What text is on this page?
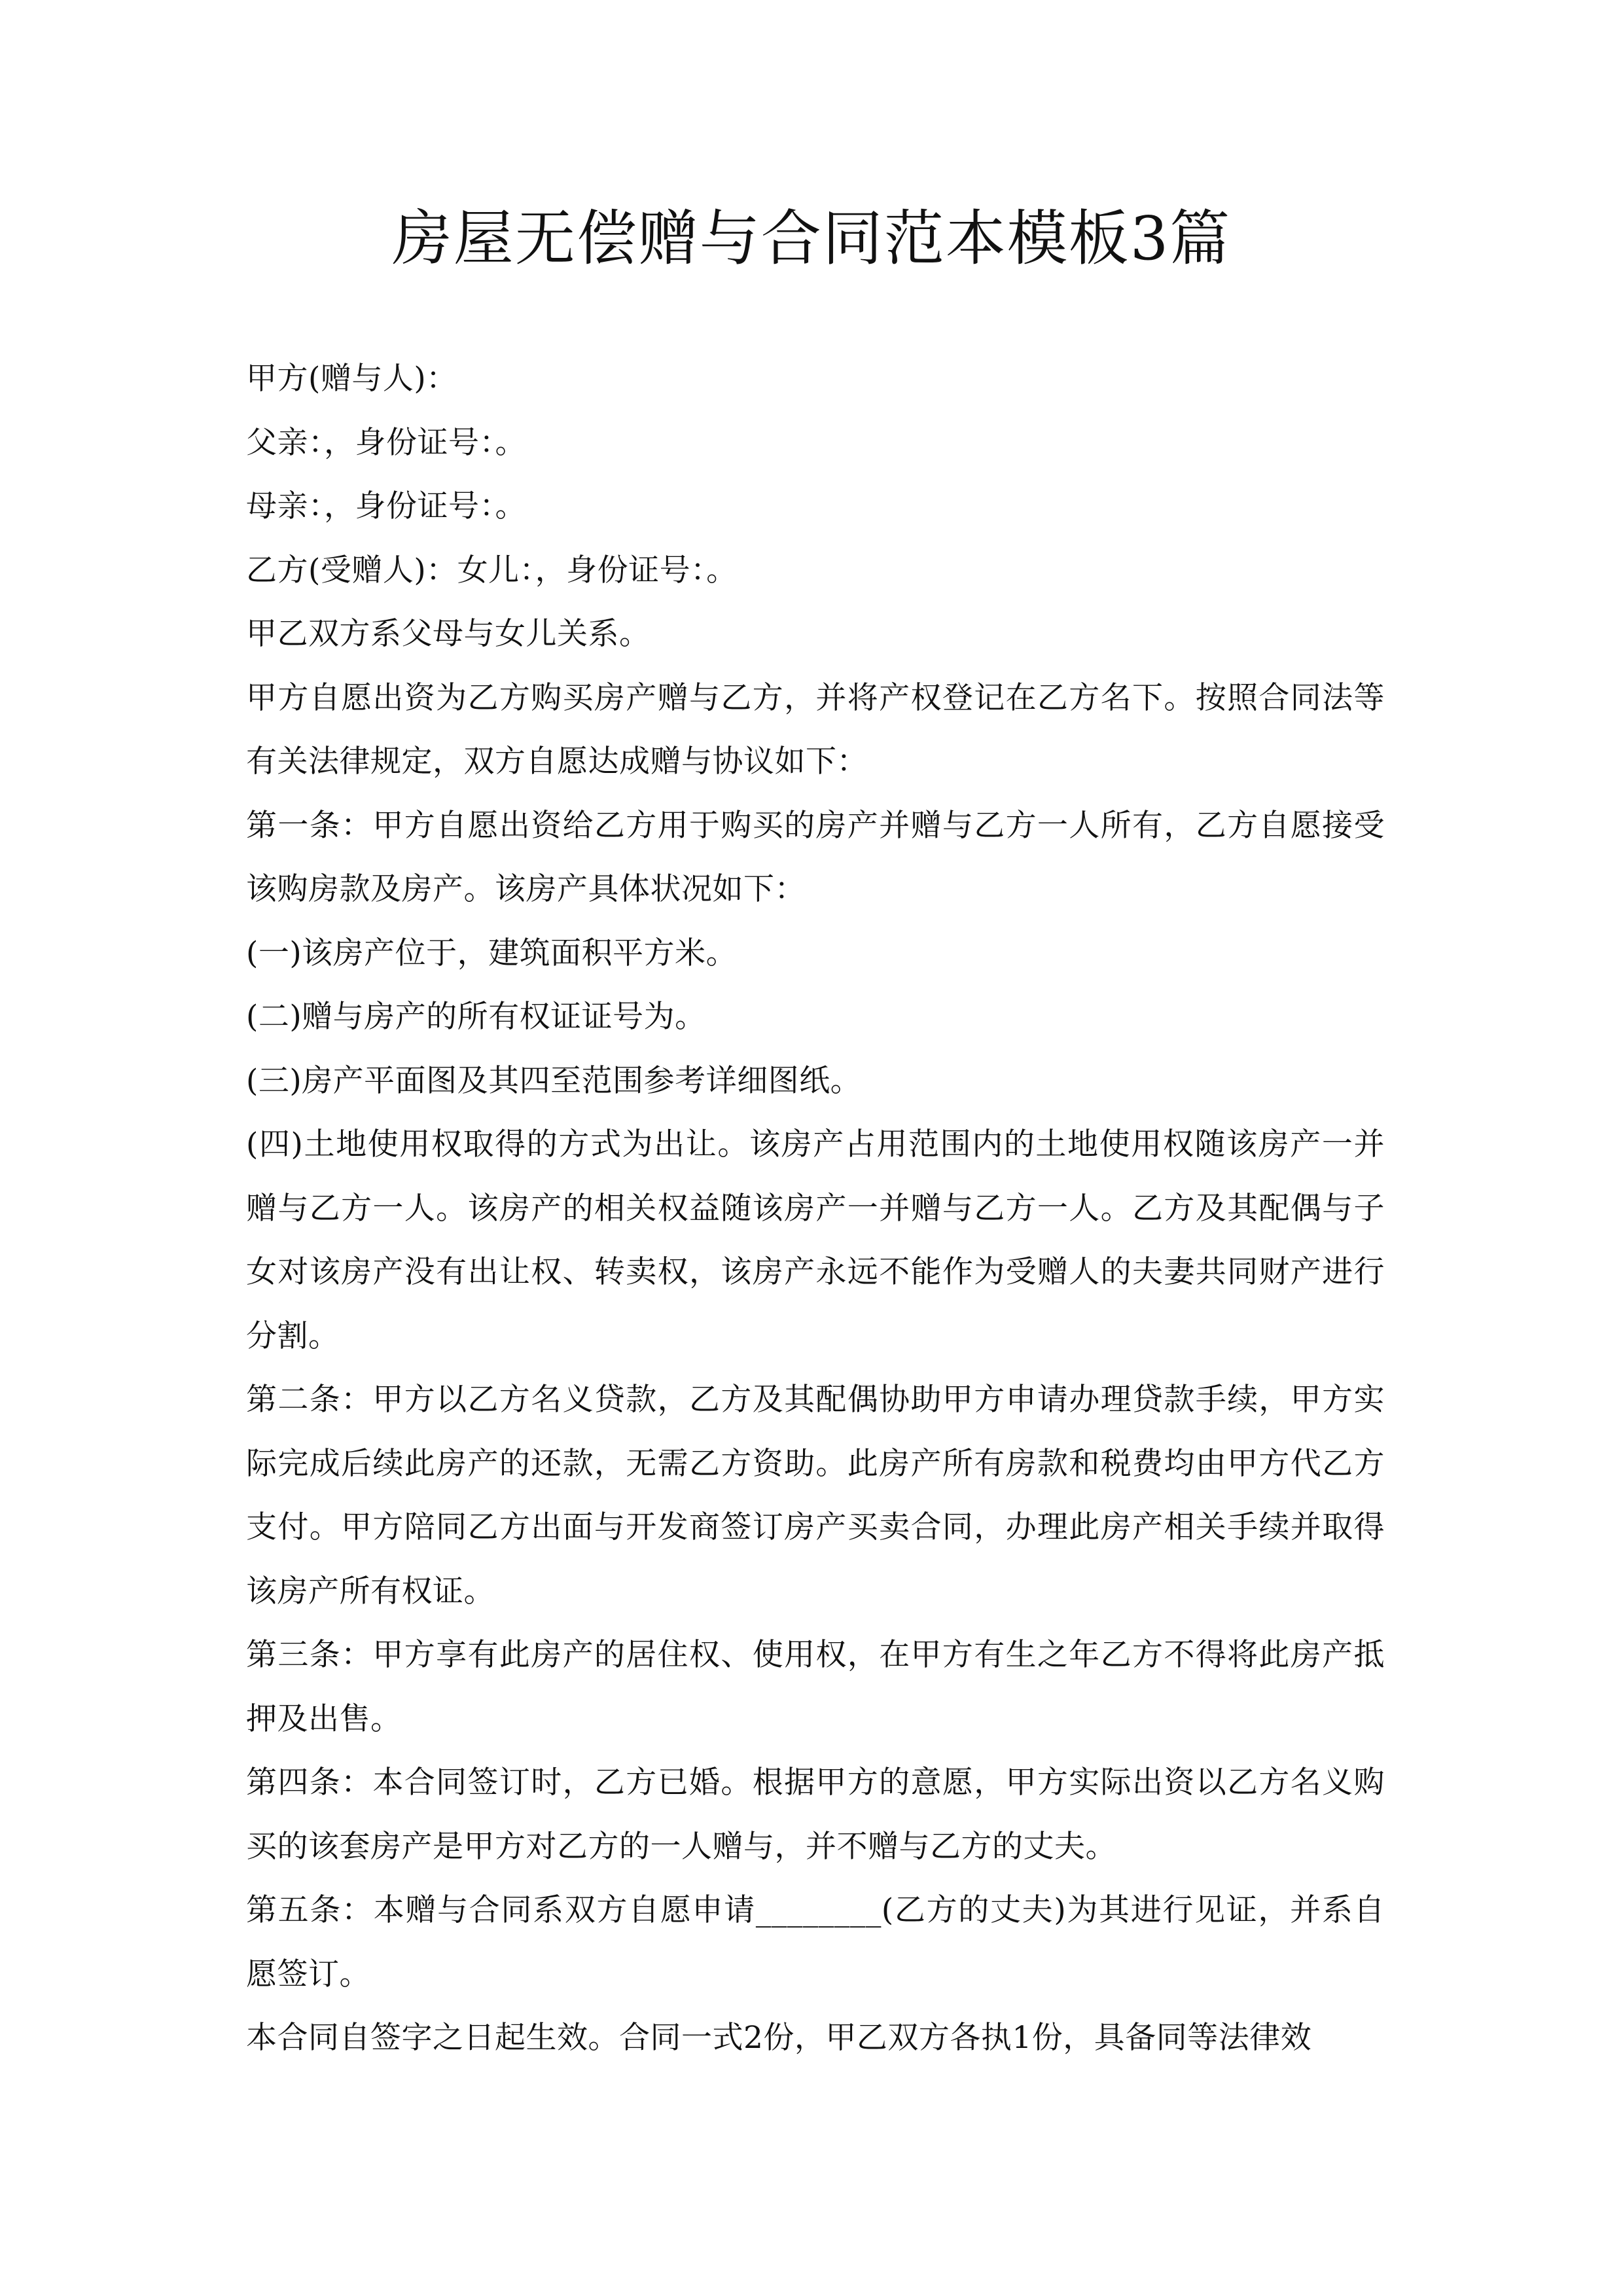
房屋无偿赠与合同范本模板3篇

甲方(赠与人)：

父亲：，身份证号：。

母亲：，身份证号：。

乙方(受赠人)：女儿：，身份证号：。

甲乙双方系父母与女儿关系。

甲方自愿出资为乙方购买房产赠与乙方，并将产权登记在乙方名下。按照合同法等有关法律规定，双方自愿达成赠与协议如下：

第一条：甲方自愿出资给乙方用于购买的房产并赠与乙方一人所有，乙方自愿接受该购房款及房产。该房产具体状况如下：

(一)该房产位于，建筑面积平方米。

(二)赠与房产的所有权证证号为。

(三)房产平面图及其四至范围参考详细图纸。

(四)土地使用权取得的方式为出让。该房产占用范围内的土地使用权随该房产一并赠与乙方一人。该房产的相关权益随该房产一并赠与乙方一人。乙方及其配偶与子女对该房产没有出让权、转卖权，该房产永远不能作为受赠人的夫妻共同财产进行分割。

第二条：甲方以乙方名义贷款，乙方及其配偶协助甲方申请办理贷款手续，甲方实际完成后续此房产的还款，无需乙方资助。此房产所有房款和税费均由甲方代乙方支付。甲方陪同乙方出面与开发商签订房产买卖合同，办理此房产相关手续并取得该房产所有权证。

第三条：甲方享有此房产的居住权、使用权，在甲方有生之年乙方不得将此房产抵押及出售。

第四条：本合同签订时，乙方已婚。根据甲方的意愿，甲方实际出资以乙方名义购买的该套房产是甲方对乙方的一人赠与，并不赠与乙方的丈夫。

第五条：本赠与合同系双方自愿申请________(乙方的丈夫)为其进行见证，并系自愿签订。

本合同自签字之日起生效。合同一式2份，甲乙双方各执1份，具备同等法律效
